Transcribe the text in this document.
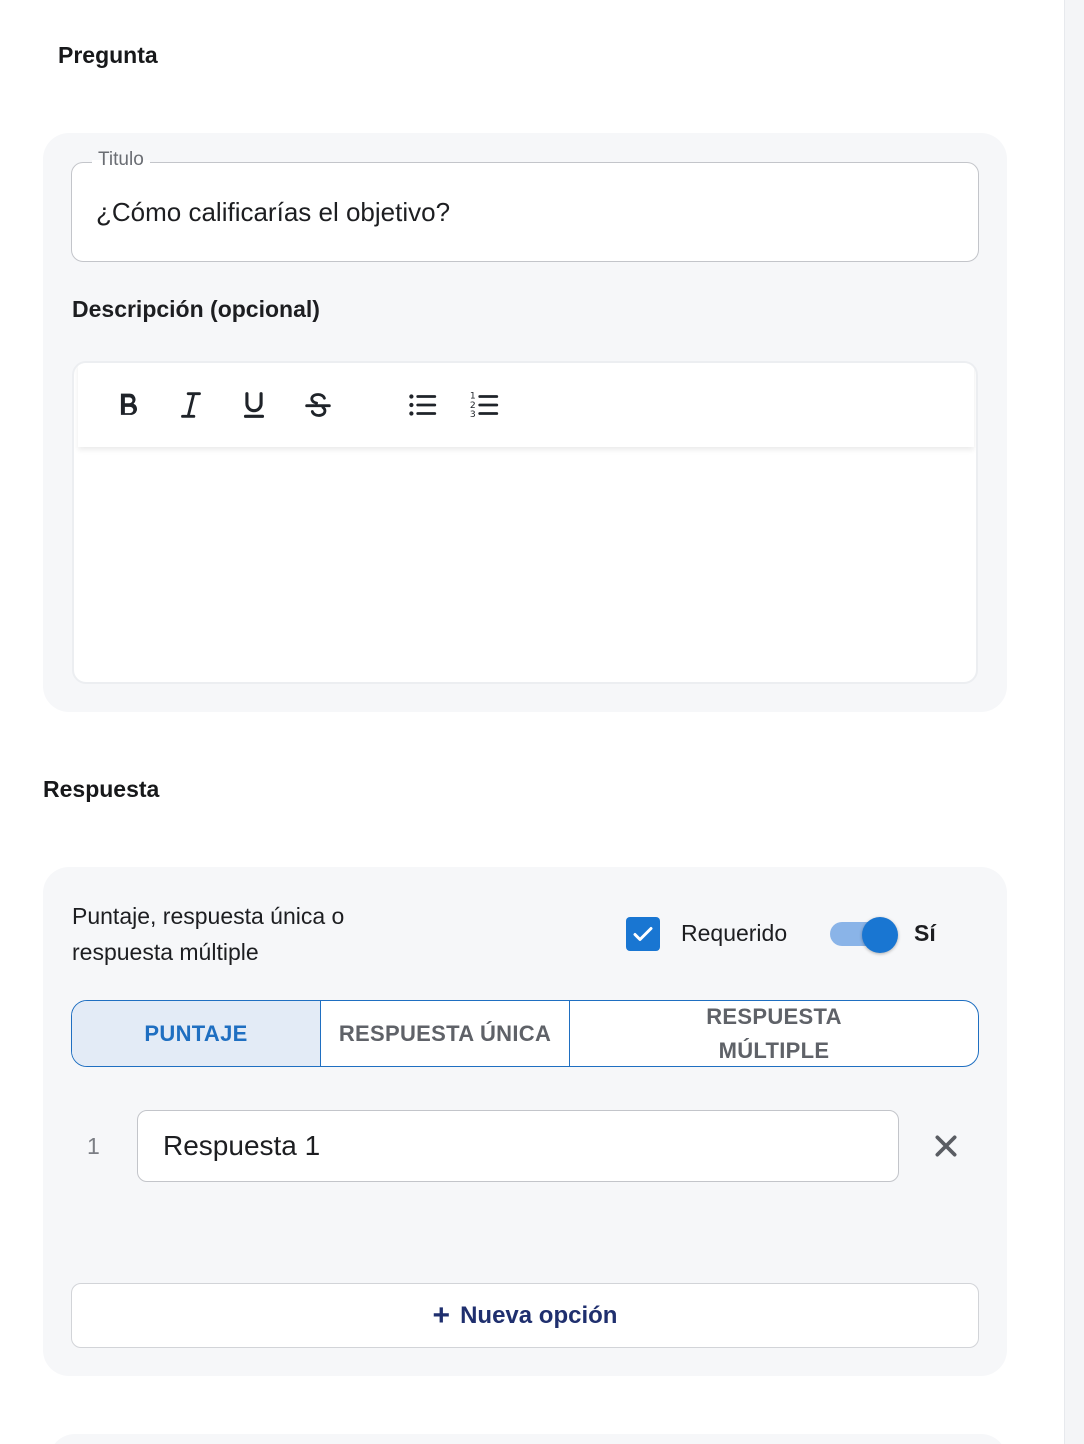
Pregunta
Titulo
¿Cómo calificarías el objetivo?
Descripción (opcional)
1
2
3
Respuesta
Puntaje, respuesta única o respuesta múltiple
Requerido	Sí
PUNTAJE	RESPUESTA ÚNICA
RESPUESTA MÚLTIPLE
1
Respuesta 1
+ Nueva opción
